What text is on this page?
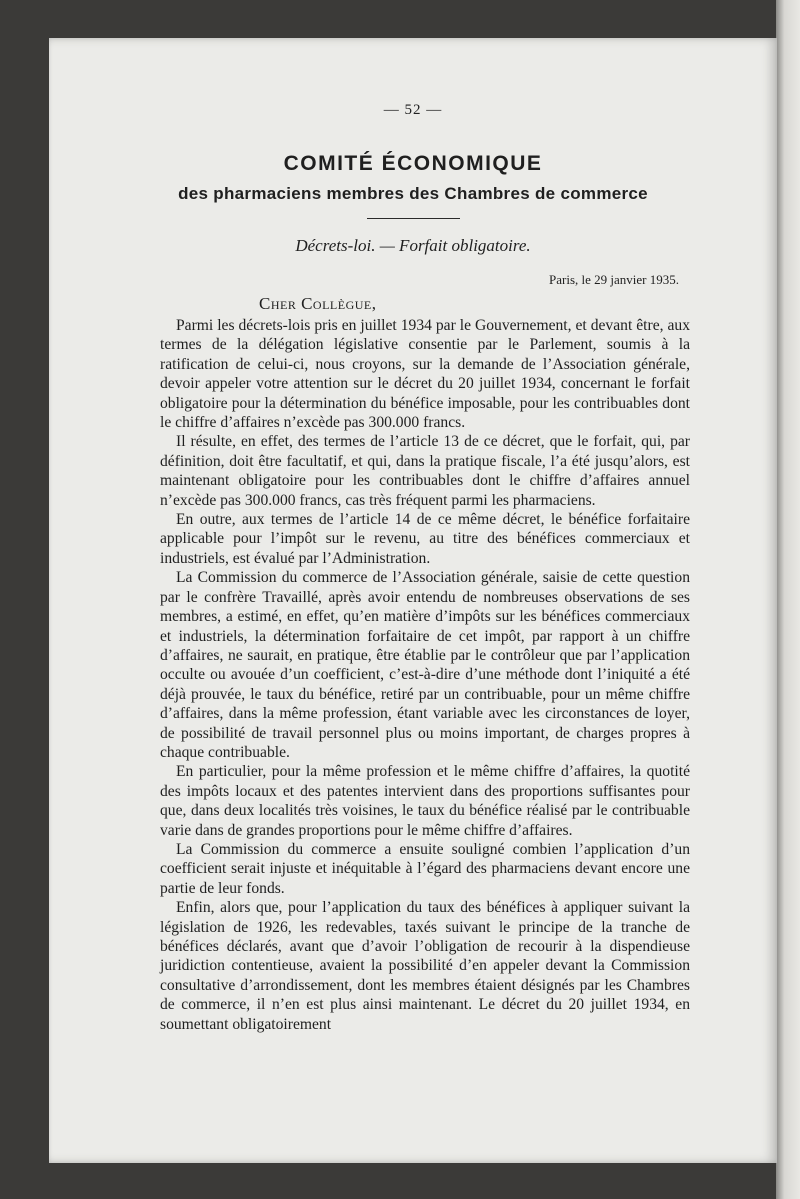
— 52 —
COMITÉ ÉCONOMIQUE
des pharmaciens membres des Chambres de commerce
Décrets-loi. — Forfait obligatoire.
Paris, le 29 janvier 1935.
Cher Collègue,

Parmi les décrets-lois pris en juillet 1934 par le Gouvernement, et devant être, aux termes de la délégation législative consentie par le Parlement, soumis à la ratification de celui-ci, nous croyons, sur la demande de l’Association générale, devoir appeler votre attention sur le décret du 20 juillet 1934, concernant le forfait obligatoire pour la détermination du bénéfice imposable, pour les contribuables dont le chiffre d’affaires n’excède pas 300.000 francs.

Il résulte, en effet, des termes de l’article 13 de ce décret, que le forfait, qui, par définition, doit être facultatif, et qui, dans la pratique fiscale, l’a été jusqu’alors, est maintenant obligatoire pour les contribuables dont le chiffre d’affaires annuel n’excède pas 300.000 francs, cas très fréquent parmi les pharmaciens.

En outre, aux termes de l’article 14 de ce même décret, le bénéfice forfaitaire applicable pour l’impôt sur le revenu, au titre des bénéfices commerciaux et industriels, est évalué par l’Administration.

La Commission du commerce de l’Association générale, saisie de cette question par le confrère Travaillé, après avoir entendu de nombreuses observations de ses membres, a estimé, en effet, qu’en matière d’impôts sur les bénéfices commerciaux et industriels, la détermination forfaitaire de cet impôt, par rapport à un chiffre d’affaires, ne saurait, en pratique, être établie par le contrôleur que par l’application occulte ou avouée d’un coefficient, c’est-à-dire d’une méthode dont l’iniquité a été déjà prouvée, le taux du bénéfice, retiré par un contribuable, pour un même chiffre d’affaires, dans la même profession, étant variable avec les circonstances de loyer, de possibilité de travail personnel plus ou moins important, de charges propres à chaque contribuable.

En particulier, pour la même profession et le même chiffre d’affaires, la quotité des impôts locaux et des patentes intervient dans des proportions suffisantes pour que, dans deux localités très voisines, le taux du bénéfice réalisé par le contribuable varie dans de grandes proportions pour le même chiffre d’affaires.

La Commission du commerce a ensuite souligné combien l’application d’un coefficient serait injuste et inéquitable à l’égard des pharmaciens devant encore une partie de leur fonds.

Enfin, alors que, pour l’application du taux des bénéfices à appliquer suivant la législation de 1926, les redevables, taxés suivant le principe de la tranche de bénéfices déclarés, avant que d’avoir l’obligation de recourir à la dispendieuse juridiction contentieuse, avaient la possibilité d’en appeler devant la Commission consultative d’arrondissement, dont les membres étaient désignés par les Chambres de commerce, il n’en est plus ainsi maintenant. Le décret du 20 juillet 1934, en soumettant obligatoirement
